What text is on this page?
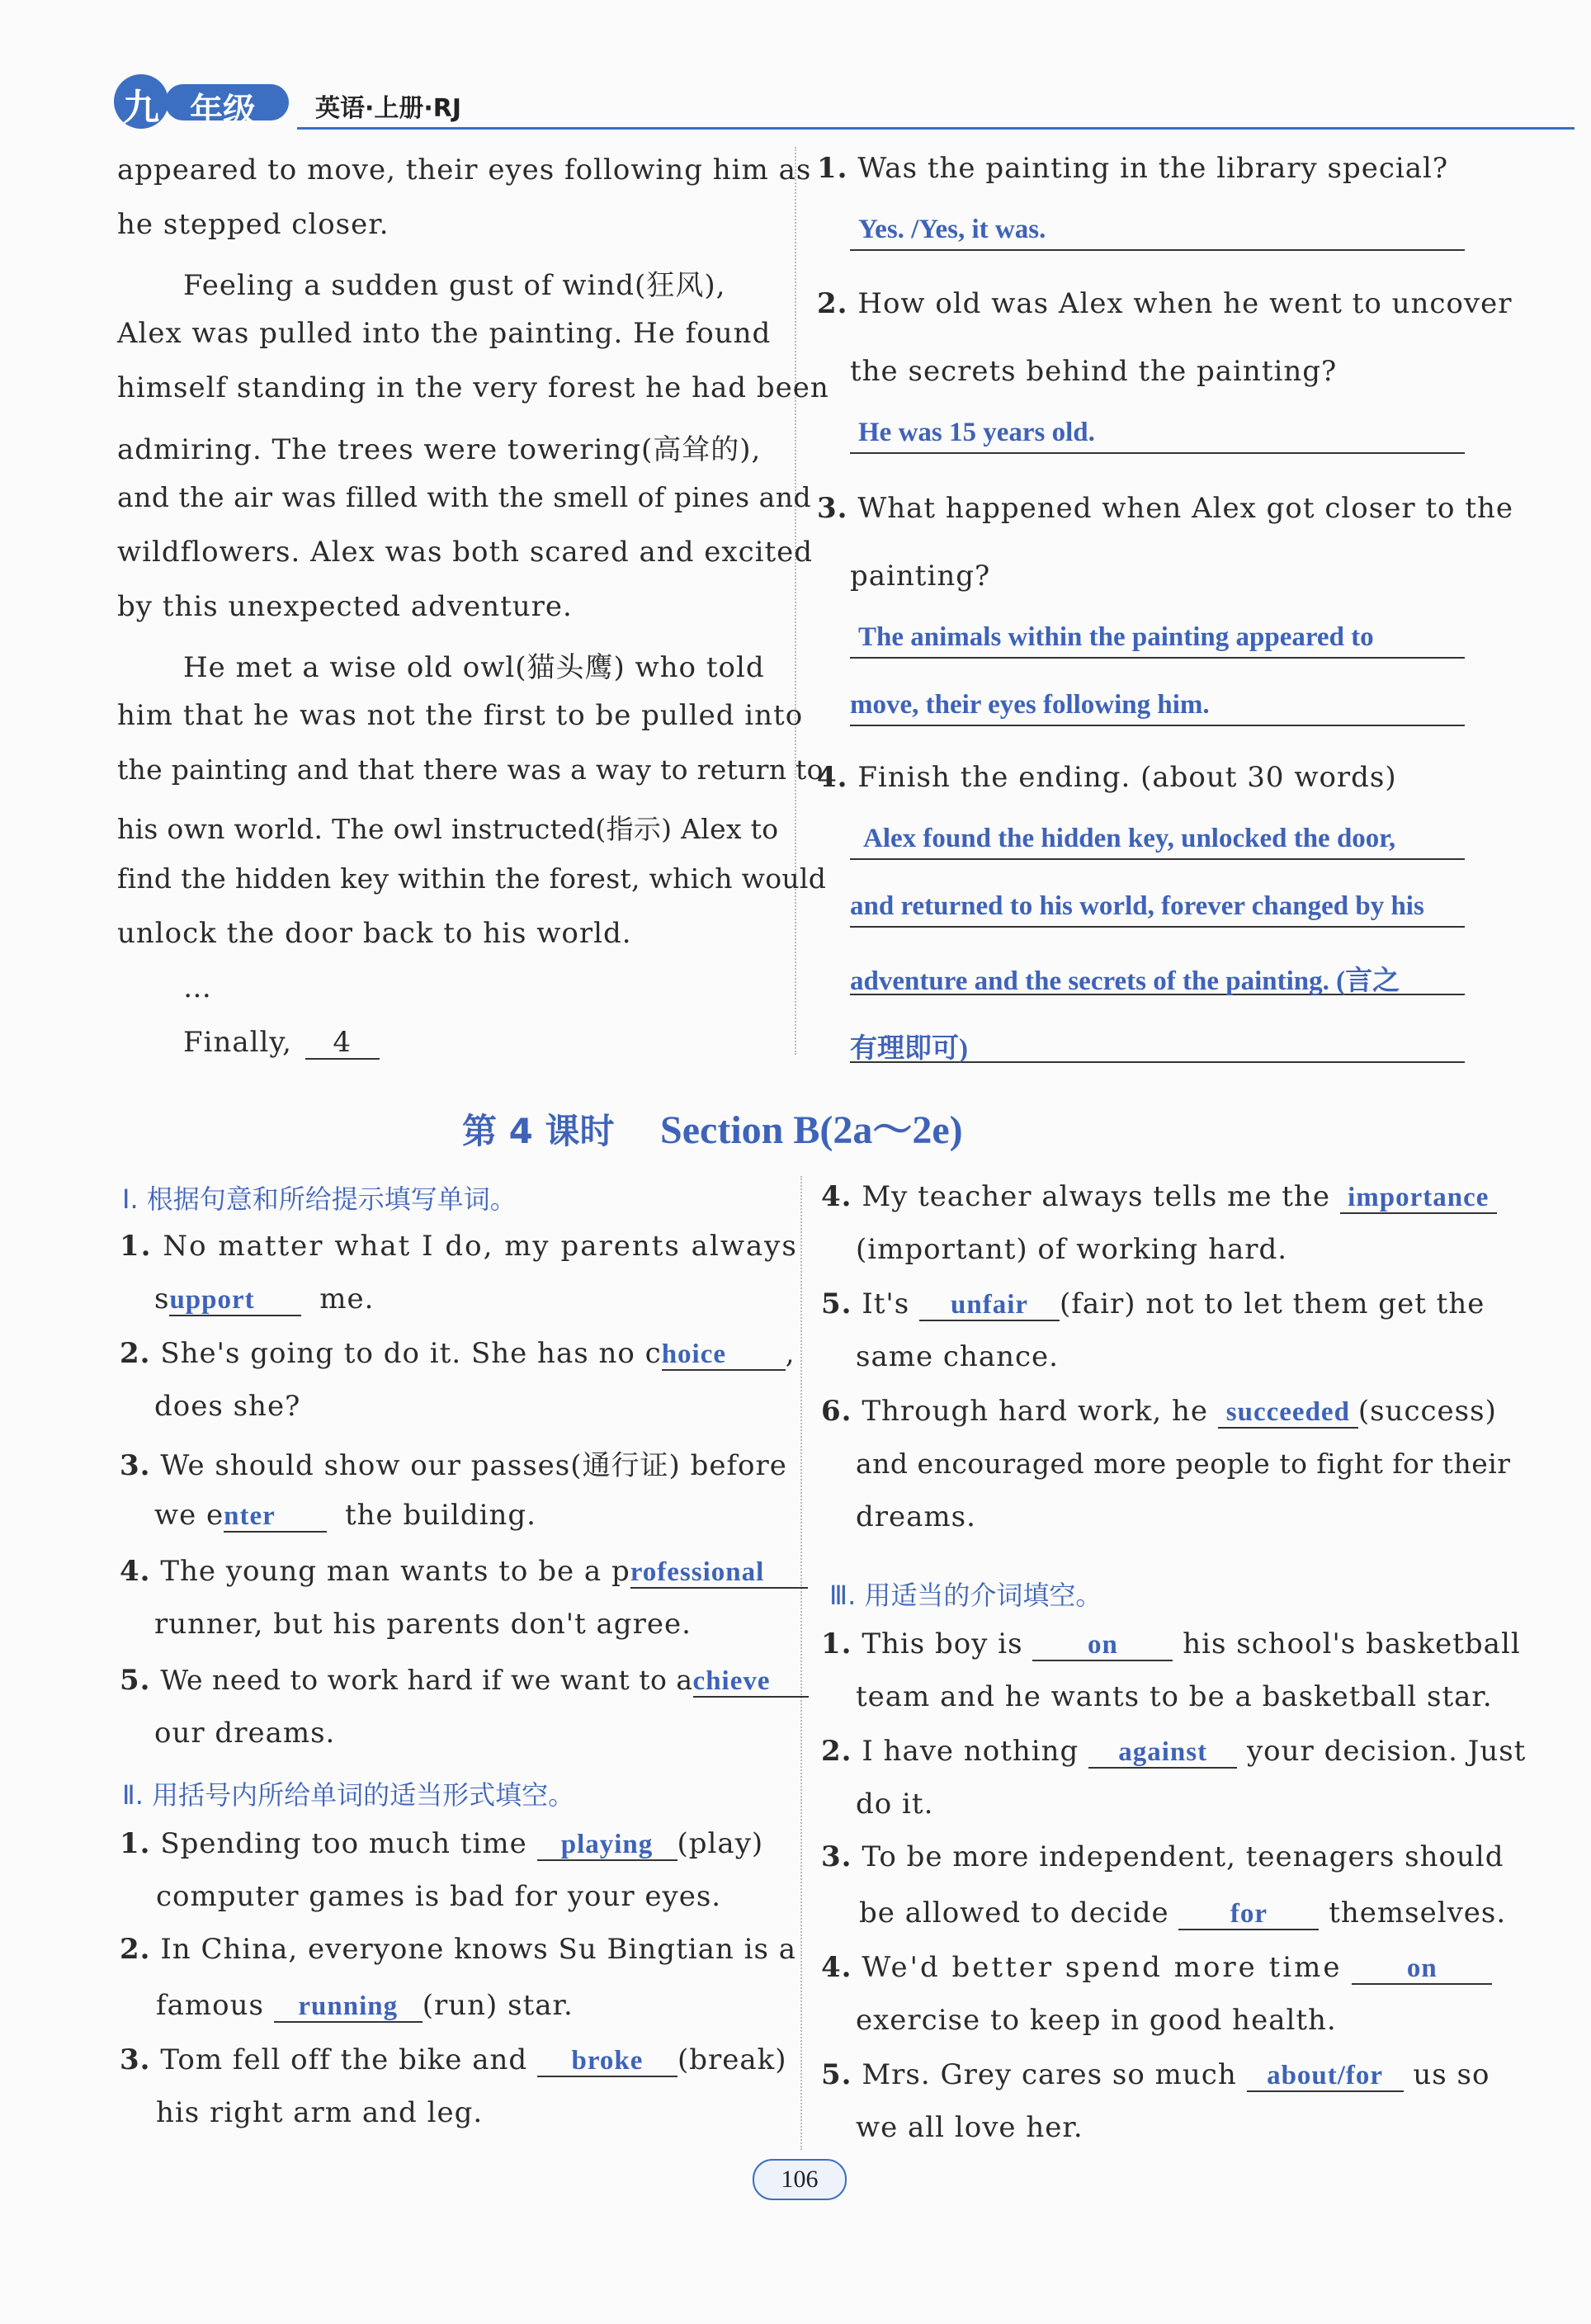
九 年级 英语·上册·RJ
appeared to move, their eyes following him as
he stepped closer.
Feeling a sudden gust of wind(狂风),
Alex was pulled into the painting. He found
himself standing in the very forest he had been
admiring. The trees were towering(高耸的),
and the air was filled with the smell of pines and
wildflowers. Alex was both scared and excited
by this unexpected adventure.
He met a wise old owl(猫头鹰) who told
him that he was not the first to be pulled into
the painting and that there was a way to return to
his own world. The owl instructed(指示) Alex to
find the hidden key within the forest, which would
unlock the door back to his world.
…
Finally, 4
1. Was the painting in the library special?
Yes. /Yes, it was.
2. How old was Alex when he went to uncover
the secrets behind the painting?
He was 15 years old.
3. What happened when Alex got closer to the
painting?
The animals within the painting appeared to
move, their eyes following him.
4. Finish the ending. (about 30 words)
Alex found the hidden key, unlocked the door,
and returned to his world, forever changed by his
adventure and the secrets of the painting. (言之
有理即可)
第 4 课时 Section B(2a～2e)
Ⅰ. 根据句意和所给提示填写单词。
1. No matter what I do, my parents always
support me.
2. She's going to do it. She has no choice ,
does she?
3. We should show our passes(通行证) before
we enter the building.
4. The young man wants to be a professional
runner, but his parents don't agree.
5. We need to work hard if we want to achieve
our dreams.
Ⅱ. 用括号内所给单词的适当形式填空。
1. Spending too much time playing (play)
computer games is bad for your eyes.
2. In China, everyone knows Su Bingtian is a
famous running (run) star.
3. Tom fell off the bike and broke (break)
his right arm and leg.
4. My teacher always tells me the importance
(important) of working hard.
5. It's unfair (fair) not to let them get the
same chance.
6. Through hard work, he succeeded (success)
and encouraged more people to fight for their
dreams.
Ⅲ. 用适当的介词填空。
1. This boy is on his school's basketball
team and he wants to be a basketball star.
2. I have nothing against your decision. Just
do it.
3. To be more independent, teenagers should
be allowed to decide for themselves.
4. We'd better spend more time on
exercise to keep in good health.
5. Mrs. Grey cares so much about/for us so
we all love her.
106
